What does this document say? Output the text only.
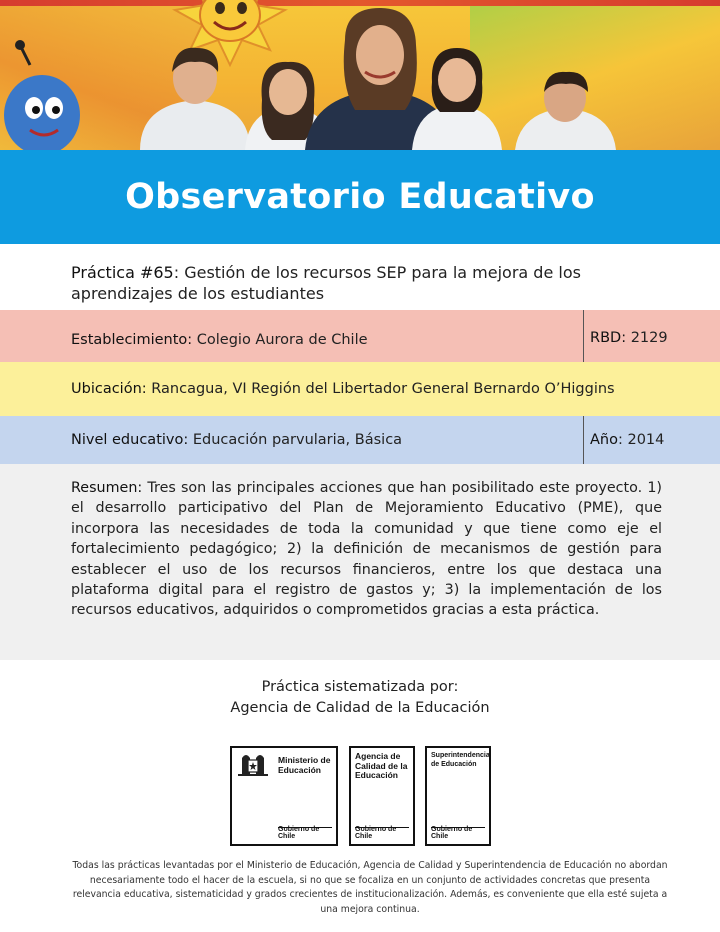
Observatorio Educativo
Práctica #65: Gestión de los recursos SEP para la mejora de los aprendizajes de los estudiantes
Establecimiento:
Colegio Aurora de Chile	RBD:
2129
Ubicación:
Rancagua, VI Región del Libertador General Bernardo O’Higgins
Nivel educativo:
Educación parvularia, Básica	Año : 2014
Resumen: Tres son las principales acciones que han posibilitado este proyecto. 1) el desarrollo participativo del Plan de Mejoramiento Educativo (PME), que incorpora las necesidades de toda la comunidad y que tiene como eje el fortalecimiento pedagógico; 2) la definición de mecanismos de gestión para establecer el uso de los recursos financieros, entre los que destaca una plataforma digital para el registro de gastos y; 3) la implementación de los recursos educativos, adquiridos o comprometidos gracias a esta práctica.
Práctica sistematizada por:
Agencia de Calidad de la Educación
Ministerio de Educación
Gobierno de Chile
Agencia de Calidad de la Educación
Gobierno de Chile
Superintendencia de Educación
Gobierno de Chile
Todas las prácticas levantadas por el Ministerio de Educación, Agencia de Calidad y Superintendencia de Educación no abordan necesariamente todo el hacer de la escuela, si no que se focaliza en un conjunto de actividades concretas que presenta relevancia educativa, sistematicidad y grados crecientes de institucionalización. Además, es conveniente que ella esté sujeta a una mejora continua.
